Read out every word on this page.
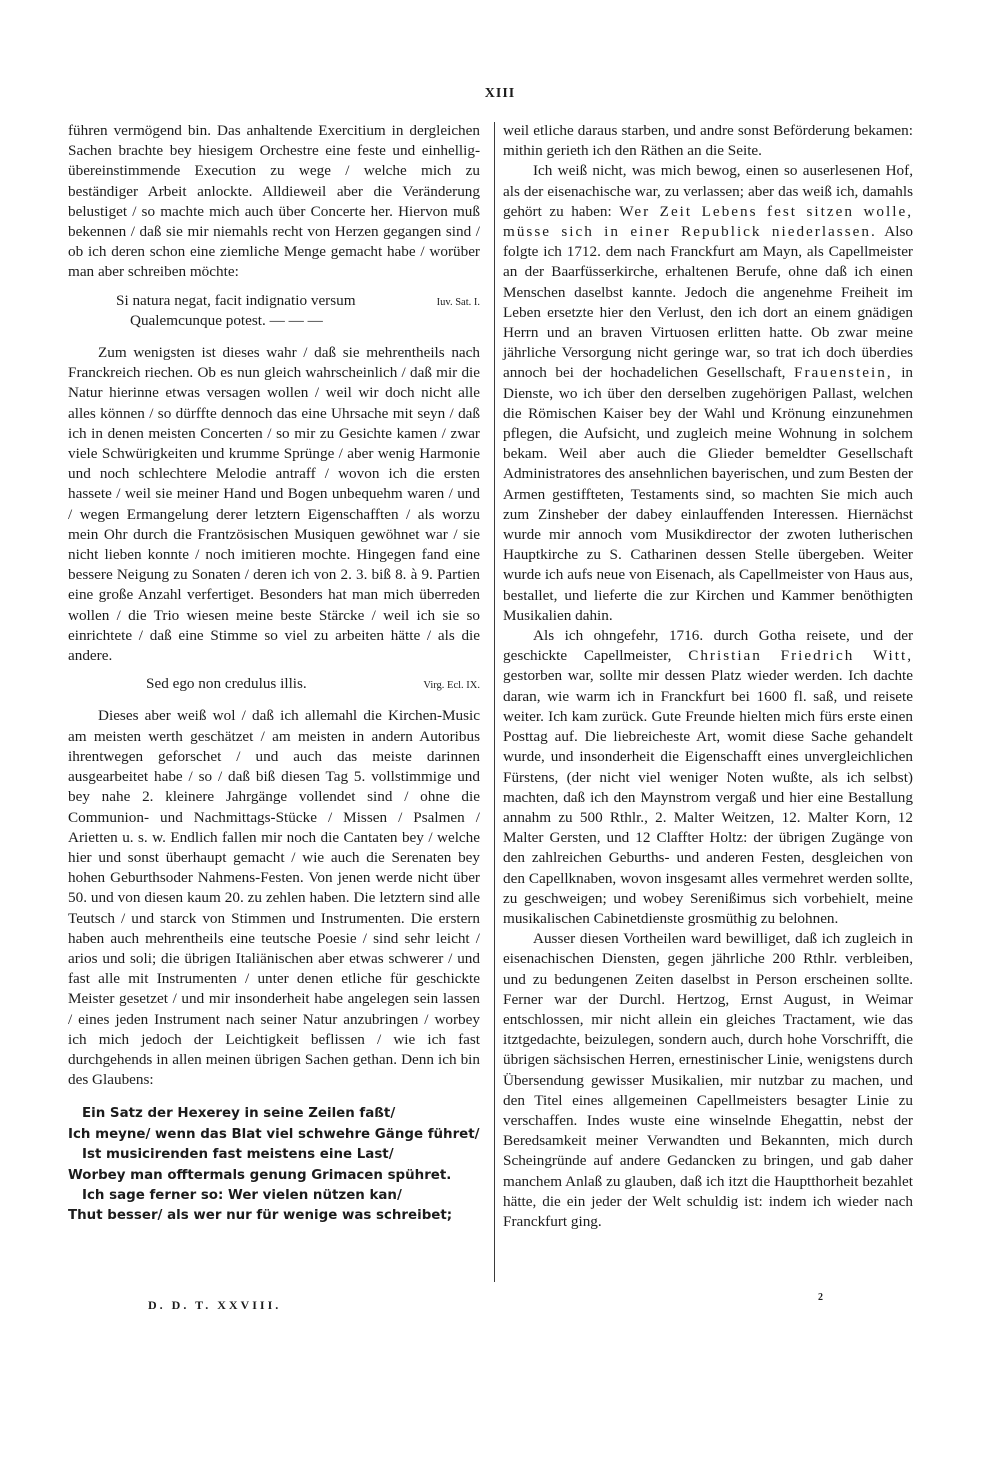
XIII

führen vermögend bin. Das anhaltende Exercitium in dergleichen Sachen brachte bey hiesigem Orchestre eine feste und einhellig-übereinstimmende Execution zu wege / welche mich zu beständiger Arbeit anlockte. Alldieweil aber die Veränderung belustiget / so machte mich auch über Concerte her. Hiervon muß bekennen / daß sie mir niemahls recht von Herzen gegangen sind / ob ich deren schon eine ziemliche Menge gemacht habe / worüber man aber schreiben möchte:

Si natura negat, facit indignatio versum
Qualemcunque potest. — — —
Iuv. Sat. I.

Zum wenigsten ist dieses wahr / daß sie mehrentheils nach Franckreich riechen. Ob es nun gleich wahrscheinlich / daß mir die Natur hierinne etwas versagen wollen / weil wir doch nicht alle alles können / so dürffte dennoch das eine Uhrsache mit seyn / daß ich in denen meisten Concerten / so mir zu Gesichte kamen / zwar viele Schwürigkeiten und krumme Sprünge / aber wenig Harmonie und noch schlechtere Melodie antraff / wovon ich die ersten hassete / weil sie meiner Hand und Bogen unbequehm waren / und / wegen Ermangelung derer letztern Eigenschafften / als worzu mein Ohr durch die Frantzösischen Musiquen gewöhnet war / sie nicht lieben konnte / noch imitieren mochte. Hingegen fand eine bessere Neigung zu Sonaten / deren ich von 2. 3. biß 8. à 9. Partien eine große Anzahl verfertiget. Besonders hat man mich überreden wollen / die Trio wiesen meine beste Stärcke / weil ich sie so einrichtete / daß eine Stimme so viel zu arbeiten hätte / als die andere.

Sed ego non credulus illis.	Virg. Ecl. IX.

Dieses aber weiß wol / daß ich allemahl die Kirchen-Music am meisten werth geschätzet / am meisten in andern Autoribus ihrentwegen geforschet / und auch das meiste darinnen ausgearbeitet habe / so / daß biß diesen Tag 5. vollstimmige und bey nahe 2. kleinere Jahrgänge vollendet sind / ohne die Communion- und Nachmittags-Stücke / Missen / Psalmen / Arietten u. s. w. Endlich fallen mir noch die Cantaten bey / welche hier und sonst überhaupt gemacht / wie auch die Serenaten bey hohen Geburthsoder Nahmens-Festen. Von jenen werde nicht über 50. und von diesen kaum 20. zu zehlen haben. Die letztern sind alle Teutsch / und starck von Stimmen und Instrumenten. Die erstern haben auch mehrentheils eine teutsche Poesie / sind sehr leicht / arios und soli; die übrigen Italiänischen aber etwas schwerer / und fast alle mit Instrumenten / unter denen etliche für geschickte Meister gesetzet / und mir insonderheit habe angelegen sein lassen / eines jeden Instrument nach seiner Natur anzubringen / worbey ich mich jedoch der Leichtigkeit beflissen / wie ich fast durchgehends in allen meinen übrigen Sachen gethan. Denn ich bin des Glaubens:

Ein Satz der Hexerey in seine Zeilen faßt/
Ich meyne/ wenn das Blat viel schwehre Gänge führet/
Ist musicirenden fast meistens eine Last/
Worbey man offtermals genung Grimacen spühret.
Ich sage ferner so: Wer vielen nützen kan/
Thut besser/ als wer nur für wenige was schreibet;

weil etliche daraus starben, und andre sonst Beförderung bekamen: mithin gerieth ich den Räthen an die Seite.

Ich weiß nicht, was mich bewog, einen so auserlesenen Hof, als der eisenachische war, zu verlassen; aber das weiß ich, damahls gehört zu haben: Wer Zeit Lebens fest sitzen wolle, müsse sich in einer Republick niederlassen. Also folgte ich 1712. dem nach Franckfurt am Mayn, als Capellmeister an der Baarfüsserkirche, erhaltenen Berufe, ohne daß ich einen Menschen daselbst kannte. Jedoch die angenehme Freiheit im Leben ersetzte hier den Verlust, den ich dort an einem gnädigen Herrn und an braven Virtuosen erlitten hatte. Ob zwar meine jährliche Versorgung nicht geringe war, so trat ich doch überdies annoch bei der hochadelichen Gesellschaft, Frauenstein, in Dienste, wo ich über den derselben zugehörigen Pallast, welchen die Römischen Kaiser bey der Wahl und Krönung einzunehmen pflegen, die Aufsicht, und zugleich meine Wohnung in solchem bekam. Weil aber auch die Glieder bemeldter Gesellschaft Administratores des ansehnlichen bayerischen, und zum Besten der Armen gestiffteten, Testaments sind, so machten Sie mich auch zum Zinsheber der dabey einlauffenden Interessen. Hiernächst wurde mir annoch vom Musikdirector der zwoten lutherischen Hauptkirche zu S. Catharinen dessen Stelle übergeben. Weiter wurde ich aufs neue von Eisenach, als Capellmeister von Haus aus, bestallet, und lieferte die zur Kirchen und Kammer benöthigten Musikalien dahin.

Als ich ohngefehr, 1716. durch Gotha reisete, und der geschickte Capellmeister, Christian Friedrich Witt, gestorben war, sollte mir dessen Platz wieder werden. Ich dachte daran, wie warm ich in Franckfurt bei 1600 fl. saß, und reisete weiter. Ich kam zurück. Gute Freunde hielten mich fürs erste einen Posttag auf. Die liebreicheste Art, womit diese Sache gehandelt wurde, und insonderheit die Eigenschafft eines unvergleichlichen Fürstens, (der nicht viel weniger Noten wußte, als ich selbst) machten, daß ich den Maynstrom vergaß und hier eine Bestallung annahm zu 500 Rthlr., 2. Malter Weitzen, 12. Malter Korn, 12 Malter Gersten, und 12 Claffter Holtz: der übrigen Zugänge von den zahlreichen Geburths- und anderen Festen, desgleichen von den Capellknaben, wovon insgesamt alles vermehret werden sollte, zu geschweigen; und wobey Serenißimus sich vorbehielt, meine musikalischen Cabinetdienste grosmüthig zu belohnen.

Ausser diesen Vortheilen ward bewilliget, daß ich zugleich in eisenachischen Diensten, gegen jährliche 200 Rthlr. verbleiben, und zu bedungenen Zeiten daselbst in Person erscheinen sollte. Ferner war der Durchl. Hertzog, Ernst August, in Weimar entschlossen, mir nicht allein ein gleiches Tractament, wie das itztgedachte, beizulegen, sondern auch, durch hohe Vorschrifft, die übrigen sächsischen Herren, ernestinischer Linie, wenigstens durch Übersendung gewisser Musikalien, mir nutzbar zu machen, und den Titel eines allgemeinen Capellmeisters besagter Linie zu verschaffen. Indes wuste eine winselnde Ehegattin, nebst der Beredsamkeit meiner Verwandten und Bekannten, mich durch Scheingründe auf andere Gedancken zu bringen, und gab daher manchem Anlaß zu glauben, daß ich itzt die Hauptthorheit bezahlet hätte, die ein jeder der Welt schuldig ist: indem ich wieder nach Franckfurt ging.

D. D. T. XXVIII.
2
